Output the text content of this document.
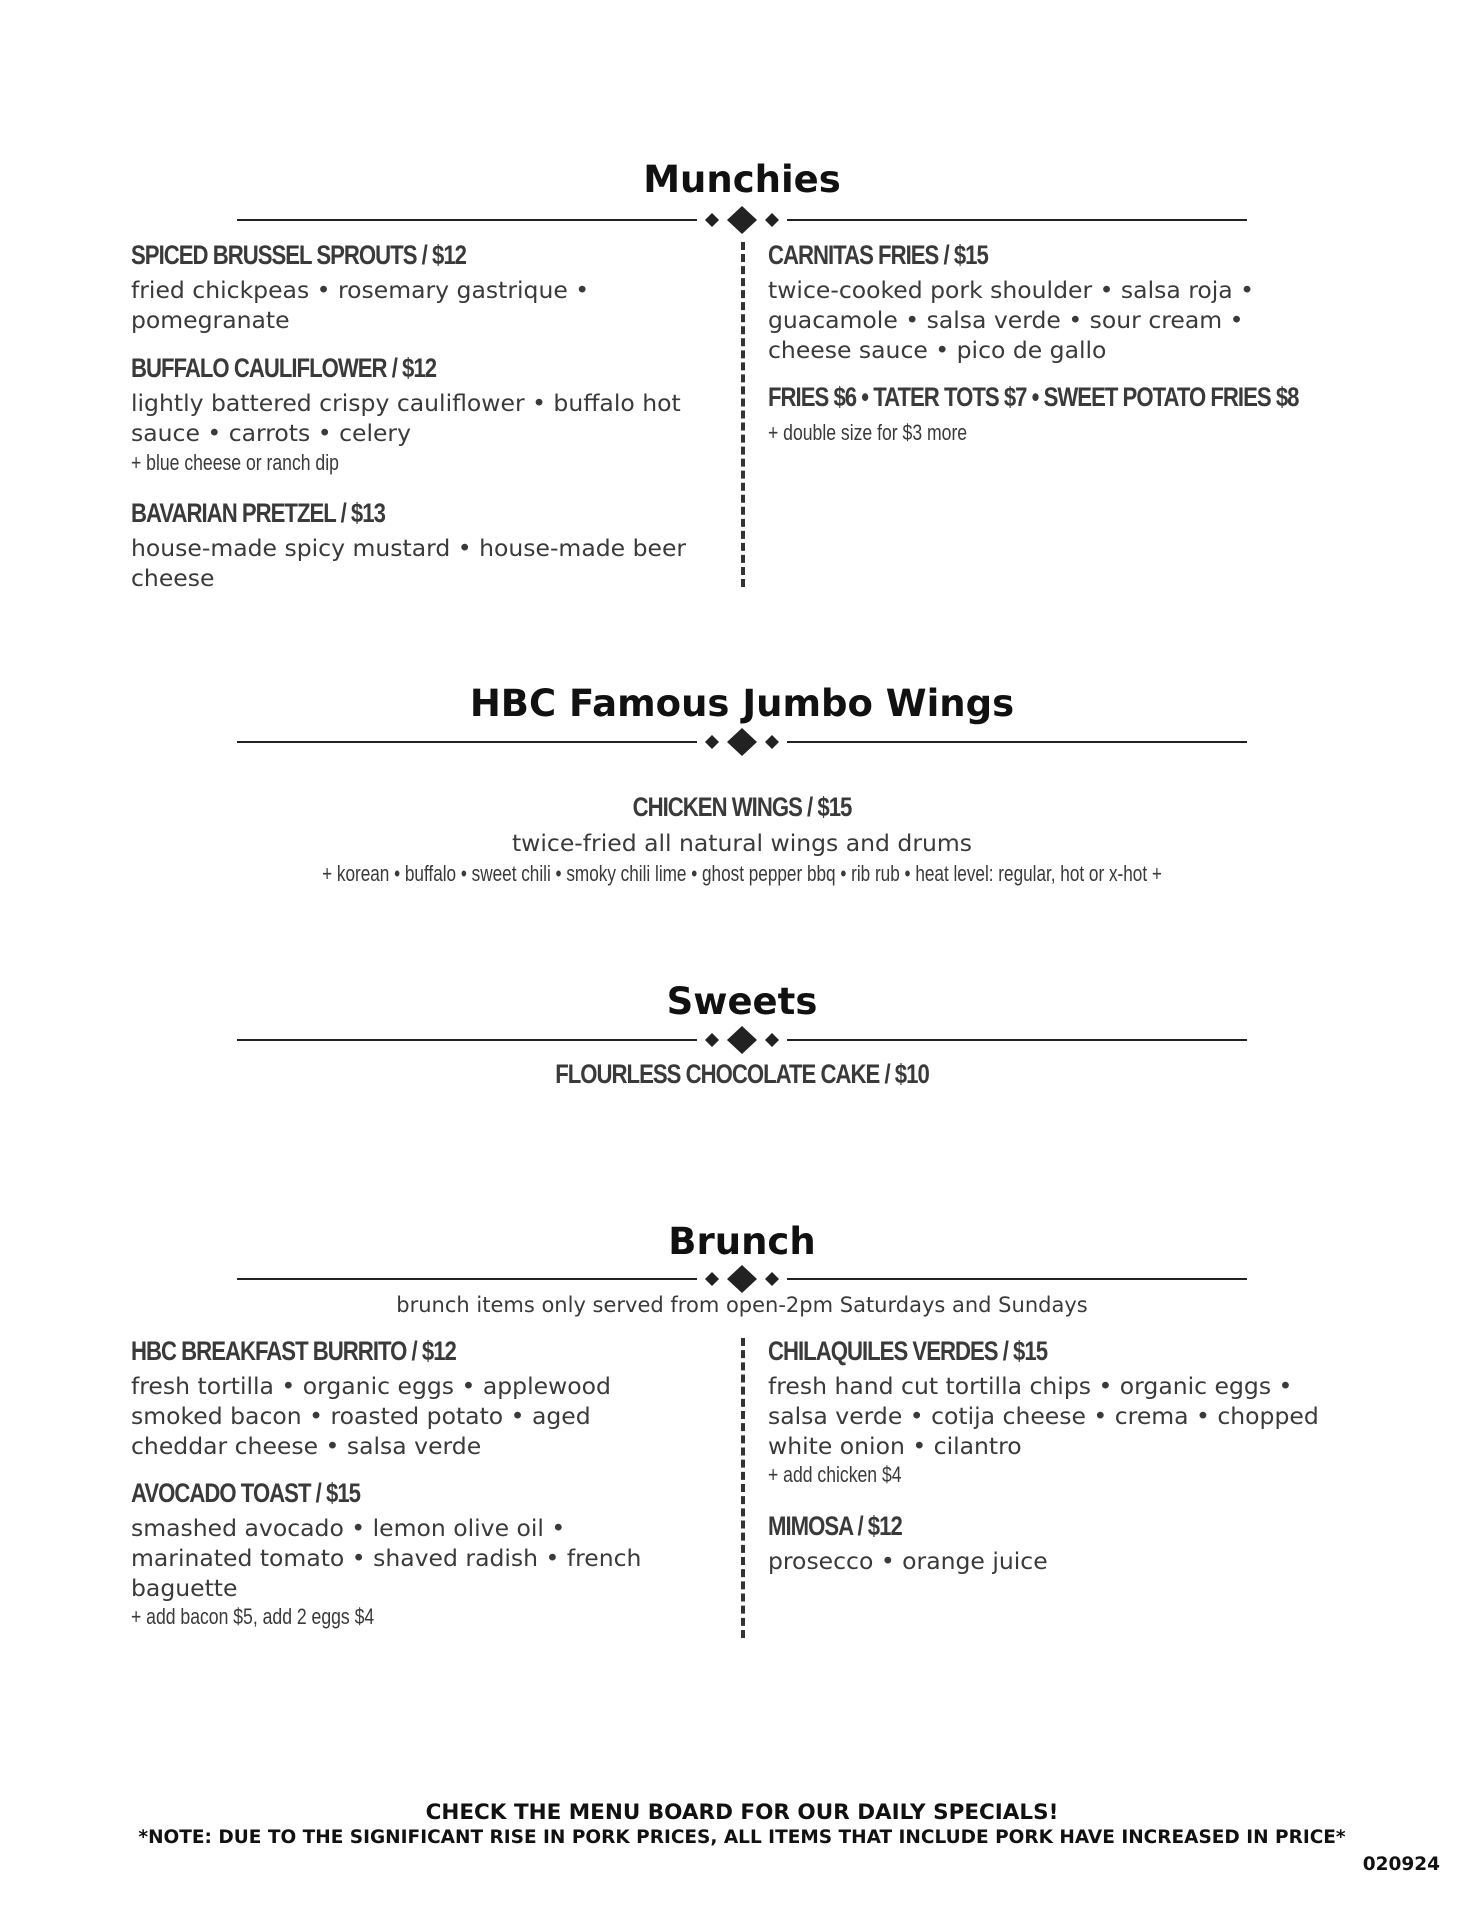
Munchies
SPICED BRUSSEL SPROUTS / $12
fried chickpeas • rosemary gastrique • pomegranate
BUFFALO CAULIFLOWER / $12
lightly battered crispy cauliflower • buffalo hot sauce • carrots • celery
+ blue cheese or ranch dip
BAVARIAN PRETZEL / $13
house-made spicy mustard • house-made beer cheese
CARNITAS FRIES / $15
twice-cooked pork shoulder • salsa roja • guacamole • salsa verde • sour cream • cheese sauce • pico de gallo
FRIES $6 • TATER TOTS $7 • SWEET POTATO FRIES $8
+ double size for $3 more
HBC Famous Jumbo Wings
CHICKEN WINGS / $15
twice-fried all natural wings and drums
+ korean • buffalo • sweet chili • smoky chili lime • ghost pepper bbq • rib rub • heat level: regular, hot or x-hot +
Sweets
FLOURLESS CHOCOLATE CAKE / $10
Brunch
brunch items only served from open-2pm Saturdays and Sundays
HBC BREAKFAST BURRITO / $12
fresh tortilla • organic eggs • applewood smoked bacon • roasted potato • aged cheddar cheese • salsa verde
AVOCADO TOAST / $15
smashed avocado • lemon olive oil • marinated tomato • shaved radish • french baguette
+ add bacon $5, add 2 eggs $4
CHILAQUILES VERDES / $15
fresh hand cut tortilla chips • organic eggs • salsa verde • cotija cheese • crema • chopped white onion • cilantro
+ add chicken $4
MIMOSA / $12
prosecco • orange juice
CHECK THE MENU BOARD FOR OUR DAILY SPECIALS!
*NOTE: DUE TO THE SIGNIFICANT RISE IN PORK PRICES, ALL ITEMS THAT INCLUDE PORK HAVE INCREASED IN PRICE*
020924
